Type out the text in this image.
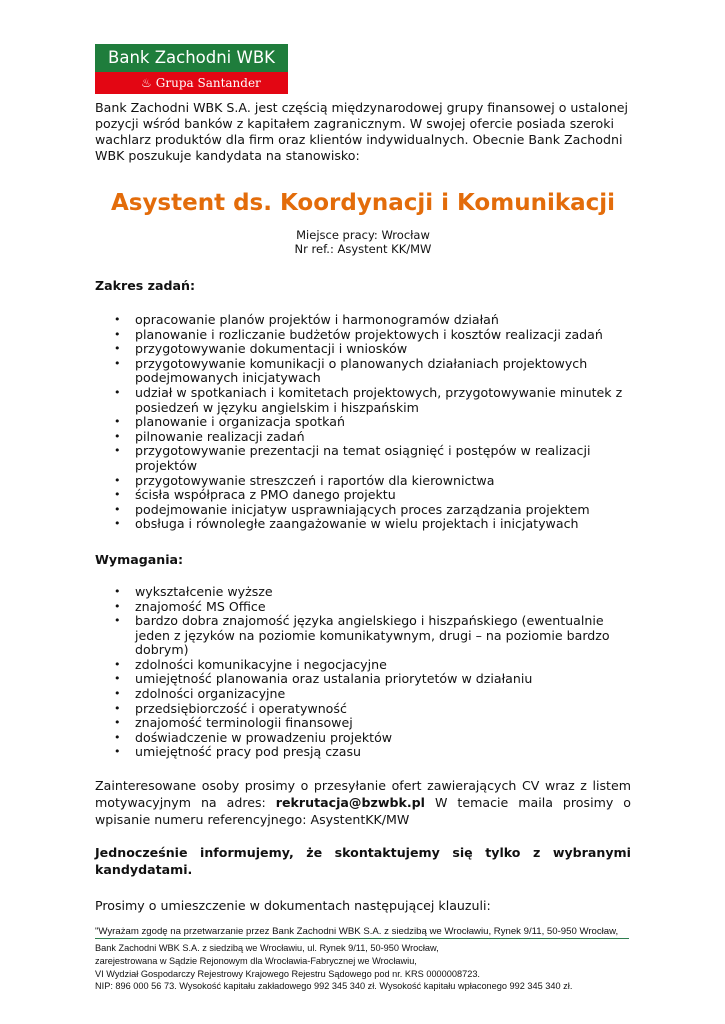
Bank Zachodni WBK
♨ Grupa Santander

Bank Zachodni WBK S.A. jest częścią międzynarodowej grupy finansowej o ustalonej pozycji wśród banków z kapitałem zagranicznym. W swojej ofercie posiada szeroki wachlarz produktów dla firm oraz klientów indywidualnych. Obecnie Bank Zachodni WBK poszukuje kandydata na stanowisko:

Asystent ds. Koordynacji i Komunikacji
Miejsce pracy: Wrocław
Nr ref.: Asystent KK/MW
Zakres zadań:
• opracowanie planów projektów i harmonogramów działań
• planowanie i rozliczanie budżetów projektowych i kosztów realizacji zadań
• przygotowywanie dokumentacji i wniosków
• przygotowywanie komunikacji o planowanych działaniach projektowych podejmowanych inicjatywach
• udział w spotkaniach i komitetach projektowych, przygotowywanie minutek z posiedzeń w języku angielskim i hiszpańskim
• planowanie i organizacja spotkań
• pilnowanie realizacji zadań
• przygotowywanie prezentacji na temat osiągnięć i postępów w realizacji projektów
• przygotowywanie streszczeń i raportów dla kierownictwa
• ścisła współpraca z PMO danego projektu
• podejmowanie inicjatyw usprawniających proces zarządzania projektem
• obsługa i równoległe zaangażowanie w wielu projektach i inicjatywach
Wymagania:
• wykształcenie wyższe
• znajomość MS Office
• bardzo dobra znajomość języka angielskiego i hiszpańskiego (ewentualnie jeden z języków na poziomie komunikatywnym, drugi – na poziomie bardzo dobrym)
• zdolności komunikacyjne i negocjacyjne
• umiejętność planowania oraz ustalania priorytetów w działaniu
• zdolności organizacyjne
• przedsiębiorczość i operatywność
• znajomość terminologii finansowej
• doświadczenie w prowadzeniu projektów
• umiejętność pracy pod presją czasu

Zainteresowane osoby prosimy o przesyłanie ofert zawierających CV wraz z listem motywacyjnym na adres: rekrutacja@bzwbk.pl W temacie maila prosimy o wpisanie numeru referencyjnego: AsystentKK/MW

Jednocześnie informujemy, że skontaktujemy się tylko z wybranymi kandydatami.

Prosimy o umieszczenie w dokumentach następującej klauzuli:

"Wyrażam zgodę na przetwarzanie przez Bank Zachodni WBK S.A. z siedzibą we Wrocławiu, Rynek 9/11, 50-950 Wrocław,

Bank Zachodni WBK S.A. z siedzibą we Wrocławiu, ul. Rynek 9/11, 50-950 Wrocław,
zarejestrowana w Sądzie Rejonowym dla Wrocławia-Fabrycznej we Wrocławiu,
VI Wydział Gospodarczy Rejestrowy Krajowego Rejestru Sądowego pod nr. KRS 0000008723.
NIP: 896 000 56 73. Wysokość kapitału zakładowego 992 345 340 zł. Wysokość kapitału wpłaconego 992 345 340 zł.
